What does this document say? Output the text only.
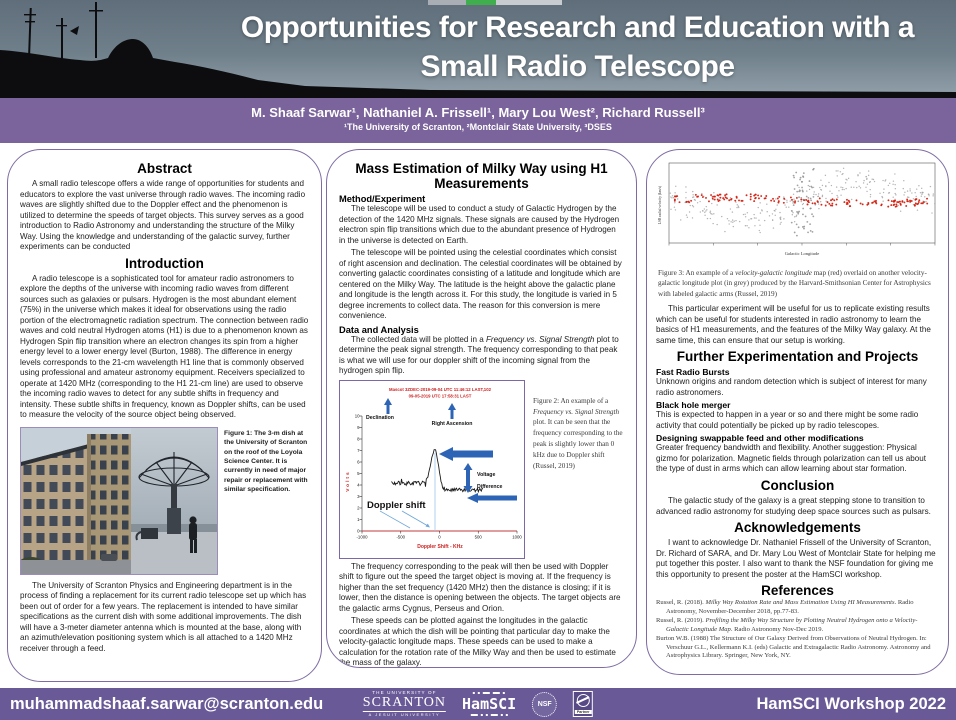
Opportunities for Research and Education with a
Small Radio Telescope
M. Shaaf Sarwar¹, Nathaniel A. Frissell¹, Mary Lou West², Richard Russell³
¹The University of Scranton, ²Montclair State University, ³DSES
Abstract

A small radio telescope offers a wide range of opportunities for students and educators to explore the vast universe through radio waves. The incoming radio waves are slightly shifted due to the Doppler effect and the phenomenon is utilized to determine the speeds of target objects. This survey serves as a good introduction to Radio Astronomy and understanding the structure of the Milky Way. Using the knowledge and understanding of the galactic survey, further experiments can be conducted

Introduction

A radio telescope is a sophisticated tool for amateur radio astronomers to explore the depths of the universe with incoming radio waves from different sources such as galaxies or pulsars. Hydrogen is the most abundant element (75%) in the universe which makes it ideal for observations using the radio portion of the electromagnetic radiation spectrum. The connection between radio waves and cold neutral Hydrogen atoms (H1) is due to a phenomenon known as Hydrogen Spin flip transition where an electron changes its spin from a higher energy level to a lower energy level (Burton, 1988). The difference in energy levels corresponds to the 21-cm wavelength H1 line that is commonly observed using professional and amateur astronomy equipment. Receivers specialized to operate at 1420 MHz (corresponding to the H1 21-cm line) are used to observe the incoming radio waves to detect for any subtle shifts in frequency and intensity. These subtle shifts in frequency, known as Doppler shifts, can be used to measure the velocity of the source object being observed.

Figure 1: The 3-m dish at the University of Scranton on the roof of the Loyola Science Center. It is currently in need of major repair or replacement with similar specification.

The University of Scranton Physics and Engineering department is in the process of finding a replacement for its current radio telescope set up which has been out of order for a few years. The replacement is intended to have similar specifications as the current dish with some additional improvements. The dish will have a 3-meter diameter antenna which is mounted at the base, along with an azimuth/elevation positioning system which is all attached to a 1420 MHz receiver through a feed.

Mass Estimation of Milky Way using H1 Measurements
Method/Experiment

The telescope will be used to conduct a study of Galactic Hydrogen by the detection of the 1420 MHz signals. These signals are caused by the Hydrogen electron spin flip transitions which due to the abundant presence of Hydrogen in the universe is detected on Earth.

The telescope will be pointed using the celestial coordinates which consist of right ascension and declination. The celestial coordinates will be obtained by converting galactic coordinates consisting of a latitude and longitude which are centered on the Milky Way. The latitude is the height above the galactic plane and longitude is the length across it. For this study, the longitude is varied in 5 degree increments to collect data. The reason for this conversion is mere convenience.

Data and Analysis

The collected data will be plotted in a Frequency vs. Signal Strength plot to determine the peak signal strength. The frequency corresponding to that peak is what we will use for our doppler shift of the incoming signal from the hydrogen spin flip.

Mascot 3ZDEC-2019-09-04 UTC 11:46:12 LAST,102
09-05-2019 UTC 17:58:31 LAST
Declination
Right Ascension
Voltage
Difference
Doppler shift
Volts
Doppler Shift - KHz
-1000	-500	0	500	1000
0
1
2
3
4
5
6
7
8
9
10
Figure 2: An example of a Frequency vs. Signal Strength plot. It can be seen that the frequency corresponding to the peak is slightly lower than 0 kHz due to Doppler shift (Russel, 2019)

The frequency corresponding to the peak will then be used with Doppler shift to figure out the speed the target object is moving at. If the frequency is higher than the set frequency (1420 MHz) then the distance is closing; if it is lower, then the distance is opening between the objects. The target objects are the galactic arms Cygnus, Perseus and Orion.

These speeds can be plotted against the longitudes in the galactic coordinates at which the dish will be pointing that particular day to make the velocity-galactic longitude maps. These speeds can be used to make a calculation for the rotation rate of the Milky Way and then be used to estimate the mass of the galaxy.

Galactic Longitude
LSR radial velocity (km/s)

Figure 3: An example of a velocity-galactic longitude map (red) overlaid on another velocity-galactic longitude plot (in grey) produced by the Harvard-Smithsonian Center for Astrophysics with labeled galactic arms (Russel, 2019)

This particular experiment will be useful for us to replicate existing results which can be useful for students interested in radio astronomy to learn the basics of H1 measurements, and the features of the Milky Way galaxy. At the same time, this can ensure that our setup is working.

Further Experimentation and Projects
Fast Radio Bursts

Unknown origins and random detection which is subject of interest for many radio astronomers.

Black hole merger

This is expected to happen in a year or so and there might be some radio activity that could potentially be picked up by radio telescopes.

Designing swappable feed and other modifications

Greater frequency bandwidth and flexibility. Another suggestion: Physical gizmo for polarization. Magnetic fields through polarization can tell us about the type of dust in arms which can allow learning about star formation.

Conclusion

The galactic study of the galaxy is a great stepping stone to transition to advanced radio astronomy for studying deep space sources such as pulsars.

Acknowledgements

I want to acknowledge Dr. Nathaniel Frissell of the University of Scranton, Dr. Richard of SARA, and Dr. Mary Lou West of Montclair State for helping me put together this poster. I also want to thank the NSF foundation for giving me this opportunity to present the poster at the HamSCI workshop.

References

Russel, R. (2018). Milky Way Rotation Rate and Mass Estimation Using HI Measurements. Radio Astronomy, November-December 2018, pp.77-83.

Russel, R. (2019). Profiling the Milky Way Structure by Plotting Neutral Hydrogen onto a Velocity-Galactic Longitude Map. Radio Astronomy Nov-Dec 2019.

Burton W.B. (1988) The Structure of Our Galaxy Derived from Observations of Neutral Hydrogen. In: Verschuur G.L., Kellermann K.I. (eds) Galactic and Extragalactic Radio Astronomy. Astronomy and Astrophysics Library. Springer, New York, NY.

muhammadshaaf.sarwar@scranton.edu
THE UNIVERSITY OF
SCRANTON
A JESUIT UNIVERSITY
HamSCI	NSF
Partner	HamSCI Workshop 2022
